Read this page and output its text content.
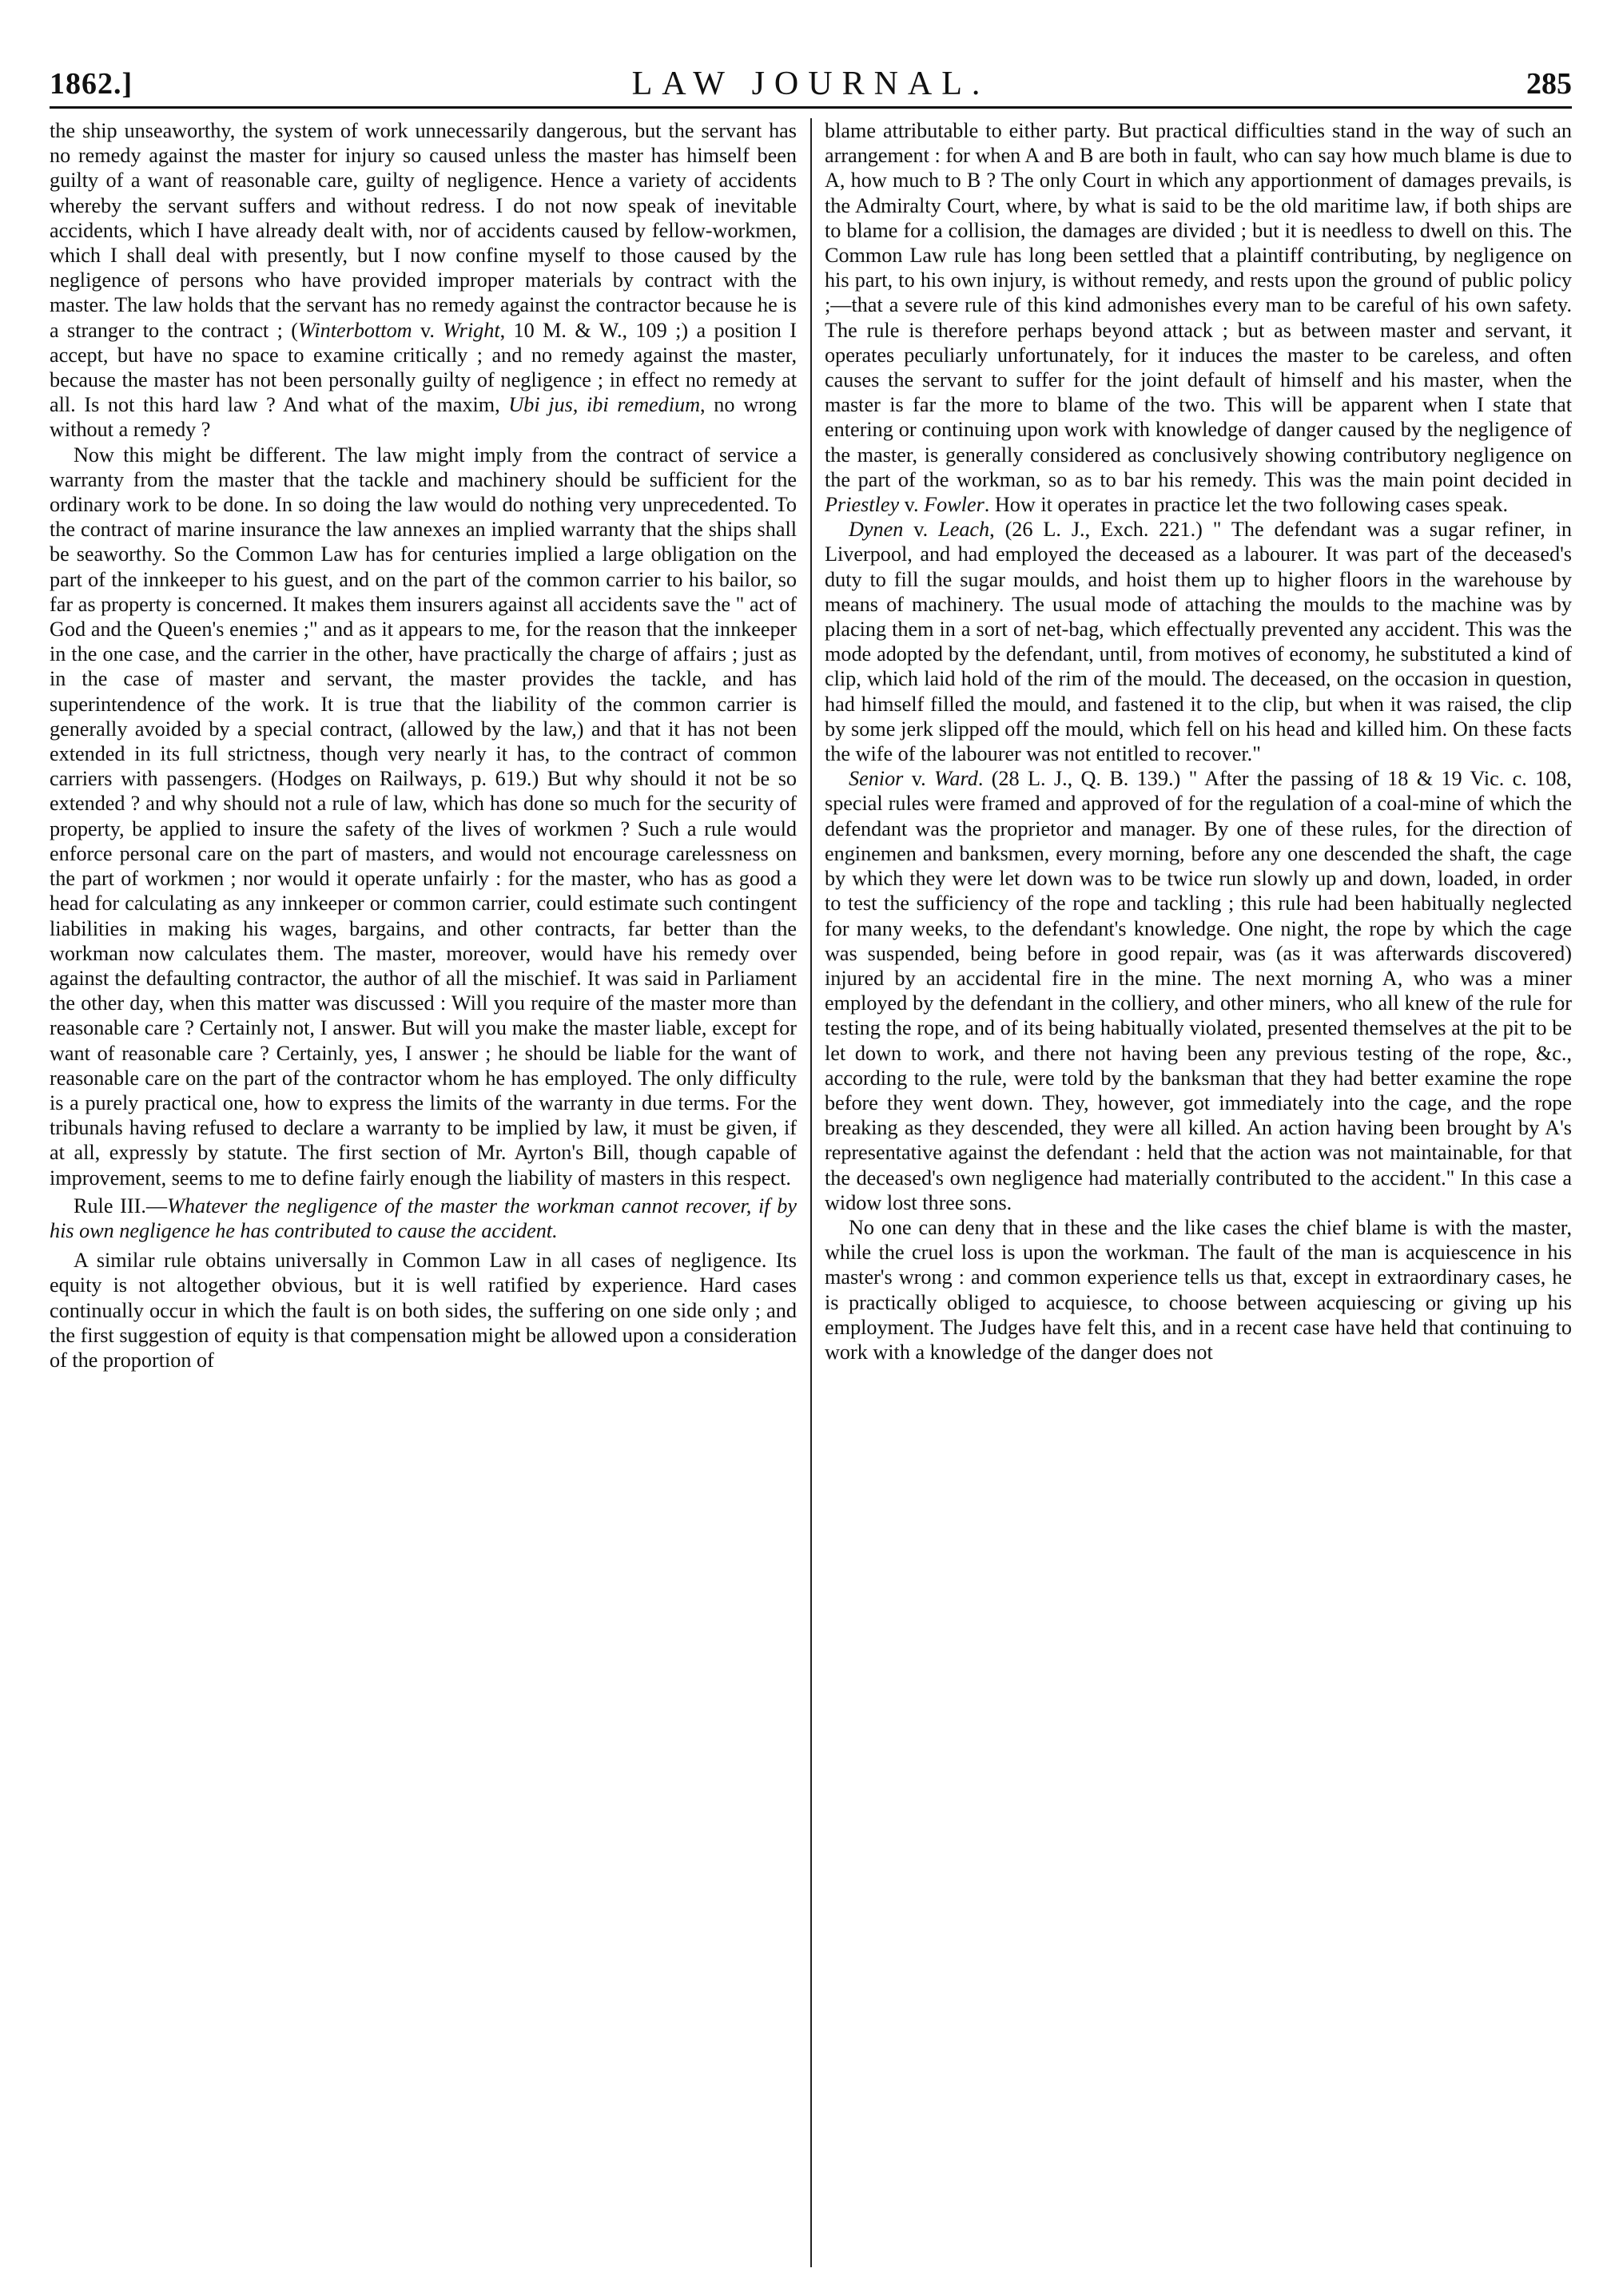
1862.]	LAW JOURNAL.	285

the ship unseaworthy, the system of work unnecessarily dangerous, but the servant has no remedy against the master for injury so caused unless the master has himself been guilty of a want of reasonable care, guilty of negligence. Hence a variety of accidents whereby the servant suffers and without redress. I do not now speak of inevitable accidents, which I have already dealt with, nor of accidents caused by fellow-workmen, which I shall deal with presently, but I now confine myself to those caused by the negligence of persons who have provided improper materials by contract with the master. The law holds that the servant has no remedy against the contractor because he is a stranger to the contract ; (Winterbottom v. Wright, 10 M. & W., 109 ;) a position I accept, but have no space to examine critically ; and no remedy against the master, because the master has not been personally guilty of negligence ; in effect no remedy at all. Is not this hard law ? And what of the maxim, Ubi jus, ibi remedium, no wrong without a remedy ?

Now this might be different. The law might imply from the contract of service a warranty from the master that the tackle and machinery should be sufficient for the ordinary work to be done. In so doing the law would do nothing very unprecedented. To the contract of marine insurance the law annexes an implied warranty that the ships shall be seaworthy. So the Common Law has for centuries implied a large obligation on the part of the innkeeper to his guest, and on the part of the common carrier to his bailor, so far as property is concerned. It makes them insurers against all accidents save the " act of God and the Queen's enemies ;" and as it appears to me, for the reason that the innkeeper in the one case, and the carrier in the other, have practically the charge of affairs ; just as in the case of master and servant, the master provides the tackle, and has superintendence of the work. It is true that the liability of the common carrier is generally avoided by a special contract, (allowed by the law,) and that it has not been extended in its full strictness, though very nearly it has, to the contract of common carriers with passengers. (Hodges on Railways, p. 619.) But why should it not be so extended ? and why should not a rule of law, which has done so much for the security of property, be applied to insure the safety of the lives of workmen ? Such a rule would enforce personal care on the part of masters, and would not encourage carelessness on the part of workmen ; nor would it operate unfairly : for the master, who has as good a head for calculating as any innkeeper or common carrier, could estimate such contingent liabilities in making his wages, bargains, and other contracts, far better than the workman now calculates them. The master, moreover, would have his remedy over against the defaulting contractor, the author of all the mischief. It was said in Parliament the other day, when this matter was discussed : Will you require of the master more than reasonable care ? Certainly not, I answer. But will you make the master liable, except for want of reasonable care ? Certainly, yes, I answer ; he should be liable for the want of reasonable care on the part of the contractor whom he has employed. The only difficulty is a purely practical one, how to express the limits of the warranty in due terms. For the tribunals having refused to declare a warranty to be implied by law, it must be given, if at all, expressly by statute. The first section of Mr. Ayrton's Bill, though capable of improvement, seems to me to define fairly enough the liability of masters in this respect.

Rule III.—Whatever the negligence of the master the workman cannot recover, if by his own negligence he has contributed to cause the accident.

A similar rule obtains universally in Common Law in all cases of negligence. Its equity is not altogether obvious, but it is well ratified by experience. Hard cases continually occur in which the fault is on both sides, the suffering on one side only ; and the first suggestion of equity is that compensation might be allowed upon a consideration of the proportion of

blame attributable to either party. But practical difficulties stand in the way of such an arrangement : for when A and B are both in fault, who can say how much blame is due to A, how much to B ? The only Court in which any apportionment of damages prevails, is the Admiralty Court, where, by what is said to be the old maritime law, if both ships are to blame for a collision, the damages are divided ; but it is needless to dwell on this. The Common Law rule has long been settled that a plaintiff contributing, by negligence on his part, to his own injury, is without remedy, and rests upon the ground of public policy ;—that a severe rule of this kind admonishes every man to be careful of his own safety. The rule is therefore perhaps beyond attack ; but as between master and servant, it operates peculiarly unfortunately, for it induces the master to be careless, and often causes the servant to suffer for the joint default of himself and his master, when the master is far the more to blame of the two. This will be apparent when I state that entering or continuing upon work with knowledge of danger caused by the negligence of the master, is generally considered as conclusively showing contributory negligence on the part of the workman, so as to bar his remedy. This was the main point decided in Priestley v. Fowler. How it operates in practice let the two following cases speak.

Dynen v. Leach, (26 L. J., Exch. 221.) " The defendant was a sugar refiner, in Liverpool, and had employed the deceased as a labourer. It was part of the deceased's duty to fill the sugar moulds, and hoist them up to higher floors in the warehouse by means of machinery. The usual mode of attaching the moulds to the machine was by placing them in a sort of net-bag, which effectually prevented any accident. This was the mode adopted by the defendant, until, from motives of economy, he substituted a kind of clip, which laid hold of the rim of the mould. The deceased, on the occasion in question, had himself filled the mould, and fastened it to the clip, but when it was raised, the clip by some jerk slipped off the mould, which fell on his head and killed him. On these facts the wife of the labourer was not entitled to recover."

Senior v. Ward. (28 L. J., Q. B. 139.) " After the passing of 18 & 19 Vic. c. 108, special rules were framed and approved of for the regulation of a coal-mine of which the defendant was the proprietor and manager. By one of these rules, for the direction of enginemen and banksmen, every morning, before any one descended the shaft, the cage by which they were let down was to be twice run slowly up and down, loaded, in order to test the sufficiency of the rope and tackling ; this rule had been habitually neglected for many weeks, to the defendant's knowledge. One night, the rope by which the cage was suspended, being before in good repair, was (as it was afterwards discovered) injured by an accidental fire in the mine. The next morning A, who was a miner employed by the defendant in the colliery, and other miners, who all knew of the rule for testing the rope, and of its being habitually violated, presented themselves at the pit to be let down to work, and there not having been any previous testing of the rope, &c., according to the rule, were told by the banksman that they had better examine the rope before they went down. They, however, got immediately into the cage, and the rope breaking as they descended, they were all killed. An action having been brought by A's representative against the defendant : held that the action was not maintainable, for that the deceased's own negligence had materially contributed to the accident." In this case a widow lost three sons.

No one can deny that in these and the like cases the chief blame is with the master, while the cruel loss is upon the workman. The fault of the man is acquiescence in his master's wrong : and common experience tells us that, except in extraordinary cases, he is practically obliged to acquiesce, to choose between acquiescing or giving up his employment. The Judges have felt this, and in a recent case have held that continuing to work with a knowledge of the danger does not
